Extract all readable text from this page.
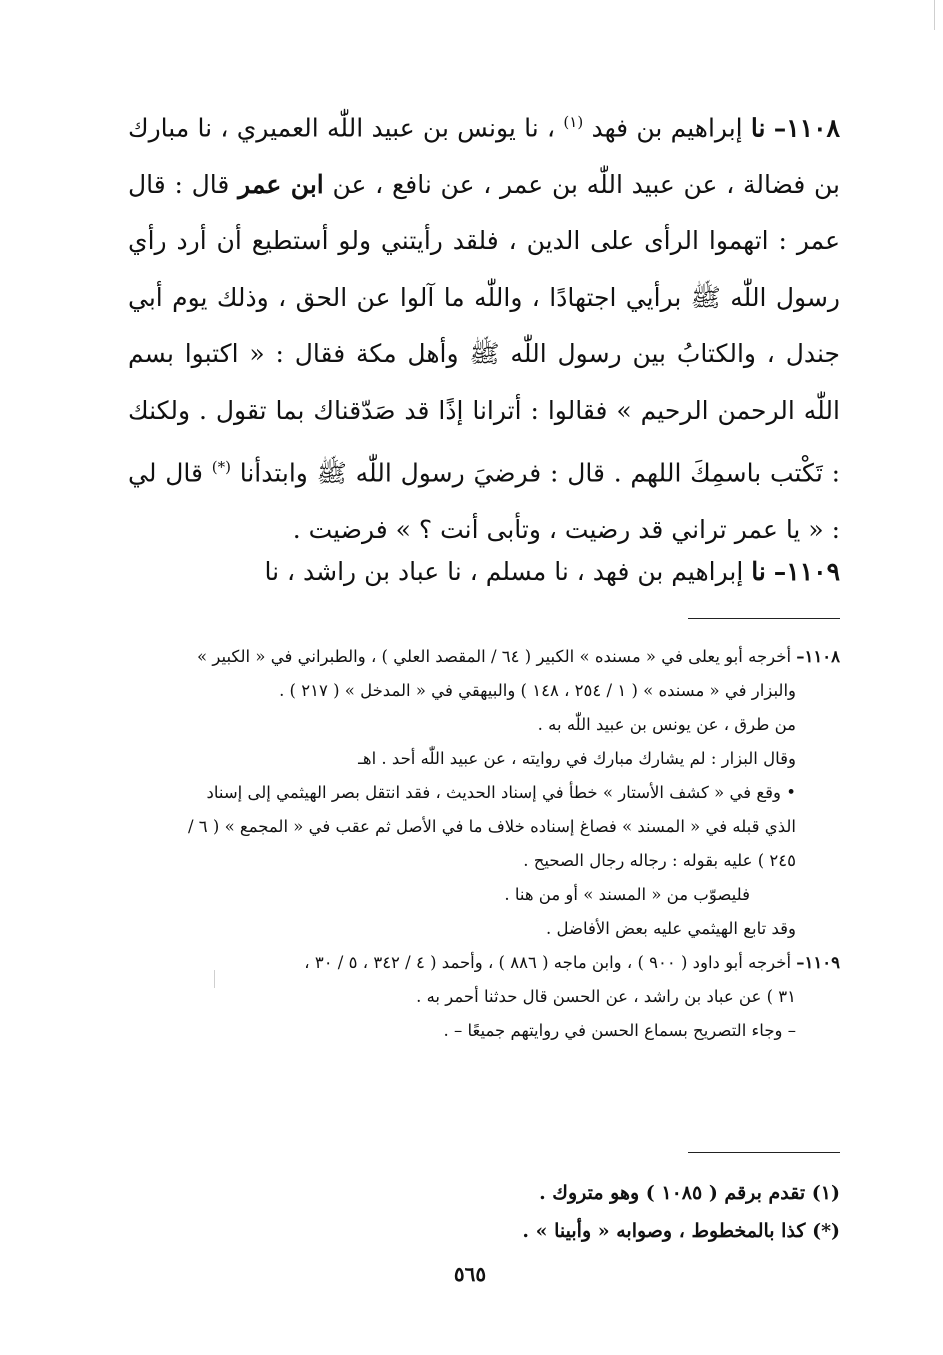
١١٠٨– نا إبراهيم بن فهد $^{(١)}$ ، نا يونس بن عبيد اللّٰه العميري ، نا مبارك بن فضالة ، عن عبيد اللّٰه بن عمر ، عن نافع ، عن ابن عمر قال : قال عمر : اتهموا الرأى على الدين ، فلقد رأيتني ولو أستطيع أن أرد رأي رسول اللّٰه ﷺ برأيي اجتهادًا ، واللّٰه ما آلوا عن الحق ، وذلك يوم أبي جندل ، والكتابُ بين رسول اللّٰه ﷺ وأهل مكة فقال : « اكتبوا بسم اللّٰه الرحمن الرحيم » فقالوا : أترانا إذًا قد صَدّقناك بما تقول . ولكنك : تَكْتب باسمِكَ اللهم . قال : فرضيَ رسول اللّٰه ﷺ وابتدأنا (*) قال لي : « يا عمر تراني قد رضيت ، وتأبى أنت ؟ » فرضيت .

١١٠٩– نا إبراهيم بن فهد ، نا مسلم ، نا عباد بن راشد ، نا

١١٠٨– أخرجه أبو يعلى في « مسنده » الكبير ( ٦٤ / المقصد العلي ) ، والطبراني في « الكبير »

والبزار في « مسنده » ( ١ / ٢٥٤ ، ١٤٨ ) والبيهقي في « المدخل » ( ٢١٧ ) .

من طرق ، عن يونس بن عبيد اللّٰه به .

وقال البزار : لم يشارك مبارك في روايته ، عن عبيد اللّٰه أحد . اهـ

• وقع في « كشف الأستار » خطأ في إسناد الحديث ، فقد انتقل بصر الهيثمي إلى إسناد

الذي قبله في « المسند » فصاغ إسناده خلاف ما في الأصل ثم عقب في « المجمع » ( ٦ /

٢٤٥ ) عليه بقوله : رجاله رجال الصحيح .

فليصوّب من « المسند » أو من هنا .

وقد تابع الهيثمي عليه بعض الأفاضل .

١١٠٩– أخرجه أبو داود ( ٩٠٠ ) ، وابن ماجه ( ٨٨٦ ) ، وأحمد ( ٤ / ٣٤٢ ، ٥ / ٣٠ ،

٣١ ) عن عباد بن راشد ، عن الحسن قال حدثنا أحمر به .

– وجاء التصريح بسماع الحسن في روايتهم جميعًا – .

(١) تقدم برقم ( ١٠٨٥ ) وهو متروك .

(*) كذا بالمخطوط ، وصوابه « وأبينا » .

٥٦٥
